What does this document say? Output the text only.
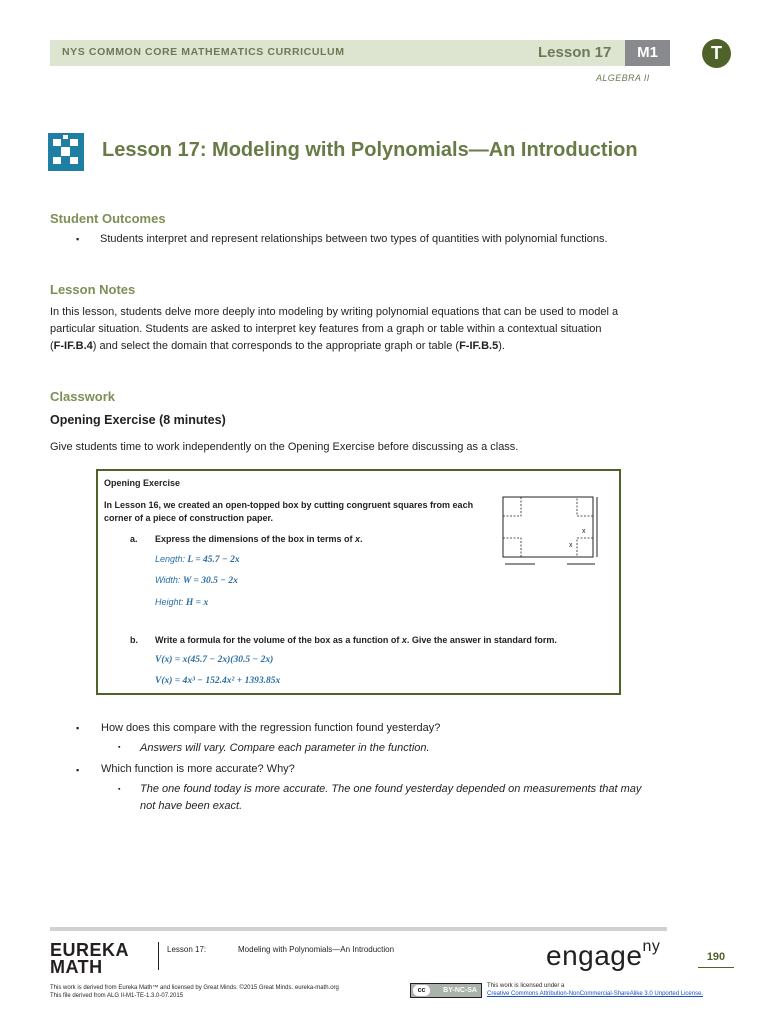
NYS COMMON CORE MATHEMATICS CURRICULUM	Lesson 17	M1
ALGEBRA II
T
Lesson 17: Modeling with Polynomials—An Introduction
Student Outcomes
▪ Students interpret and represent relationships between two types of quantities with polynomial functions.
Lesson Notes
In this lesson, students delve more deeply into modeling by writing polynomial equations that can be used to model a
particular situation. Students are asked to interpret key features from a graph or table within a contextual situation
(F-IF.B.4) and select the domain that corresponds to the appropriate graph or table (F-IF.B.5).
Classwork
Opening Exercise (8 minutes)
Give students time to work independently on the Opening Exercise before discussing as a class.
Opening Exercise
In Lesson 16, we created an open-topped box by cutting congruent squares from each
corner of a piece of construction paper.
a. Express the dimensions of the box in terms of x.
Length: L = 45.7 − 2x
Width: W = 30.5 − 2x
Height: H = x
b. Write a formula for the volume of the box as a function of x. Give the answer in standard form.
V(x) = x(45.7 − 2x)(30.5 − 2x)
V(x) = 4x³ − 152.4x² + 1393.85x
x
x
▪ How does this compare with the regression function found yesterday?
▪ Answers will vary. Compare each parameter in the function.
▪ Which function is more accurate? Why?
▪ The one found today is more accurate. The one found yesterday depended on measurements that may
not have been exact.
EUREKA
MATH
Lesson 17:	Modeling with Polynomials—An Introduction
This work is derived from Eureka Math™ and licensed by Great Minds. ©2015 Great Minds. eureka-math.org
This file derived from ALG II-M1-TE-1.3.0-07.2015
engage$^{ny}$
190
cc	BY-NC-SA
This work is licensed under a
Creative Commons Attribution-NonCommercial-ShareAlike 3.0 Unported License.
